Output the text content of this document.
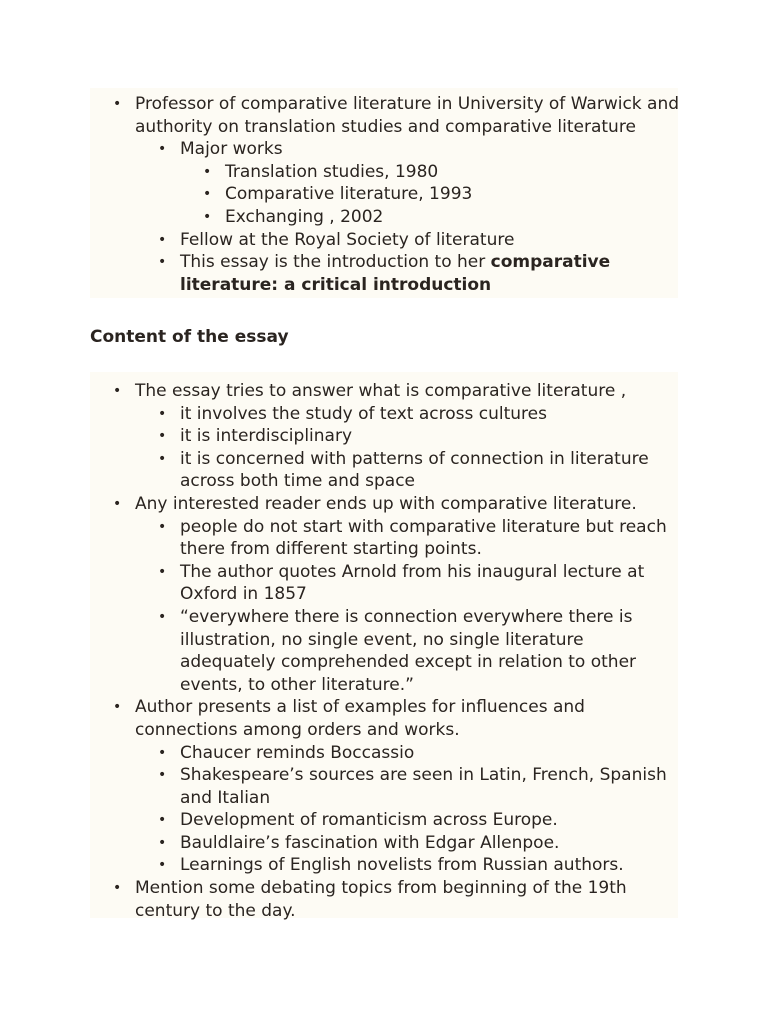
• Professor of comparative literature in University of Warwick and authority on translation studies and comparative literature
• Major works
• Translation studies, 1980
• Comparative literature, 1993
• Exchanging , 2002
• Fellow at the Royal Society of literature
• This essay is the introduction to her comparative literature: a critical introduction
Content of the essay
• The essay tries to answer what is comparative literature ,
• it involves the study of text across cultures
• it is interdisciplinary
• it is concerned with patterns of connection in literature across both time and space
• Any interested reader ends up with comparative literature.
• people do not start with comparative literature but reach there from different starting points.
• The author quotes Arnold from his inaugural lecture at Oxford in 1857
• “everywhere there is connection everywhere there is illustration, no single event, no single literature adequately comprehended except in relation to other events, to other literature.”
• Author presents a list of examples for influences and connections among orders and works.
• Chaucer reminds Boccassio
• Shakespeare’s sources are seen in Latin, French, Spanish and Italian
• Development of romanticism across Europe.
• Bauldlaire’s fascination with Edgar Allenpoe.
• Learnings of English novelists from Russian authors.
• Mention some debating topics from beginning of the 19th century to the day.
